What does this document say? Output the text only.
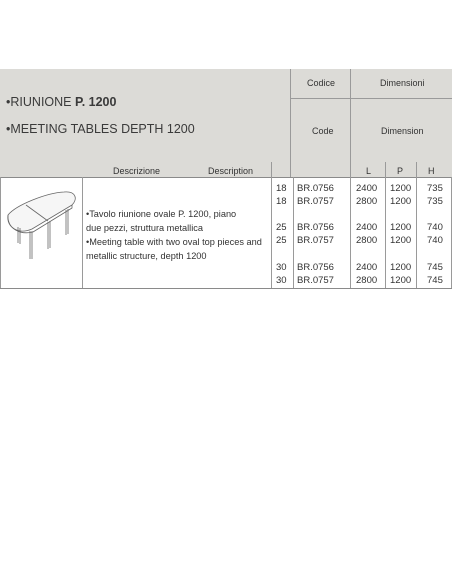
•RIUNIONE P. 1200
•MEETING TABLES DEPTH 1200
Codice	Dimensioni
Code	Dimension
Descrizione	Description	L	P	H
•Tavolo riunione ovale P. 1200, piano
due pezzi, struttura metallica
•Meeting table with two oval top pieces and
metallic structure, depth 1200
18 BR.0756 2400 1200 735
18 BR.0757 2800 1200 735
25 BR.0756 2400 1200 740
25 BR.0757 2800 1200 740
30 BR.0756 2400 1200 745
30 BR.0757 2800 1200 745
